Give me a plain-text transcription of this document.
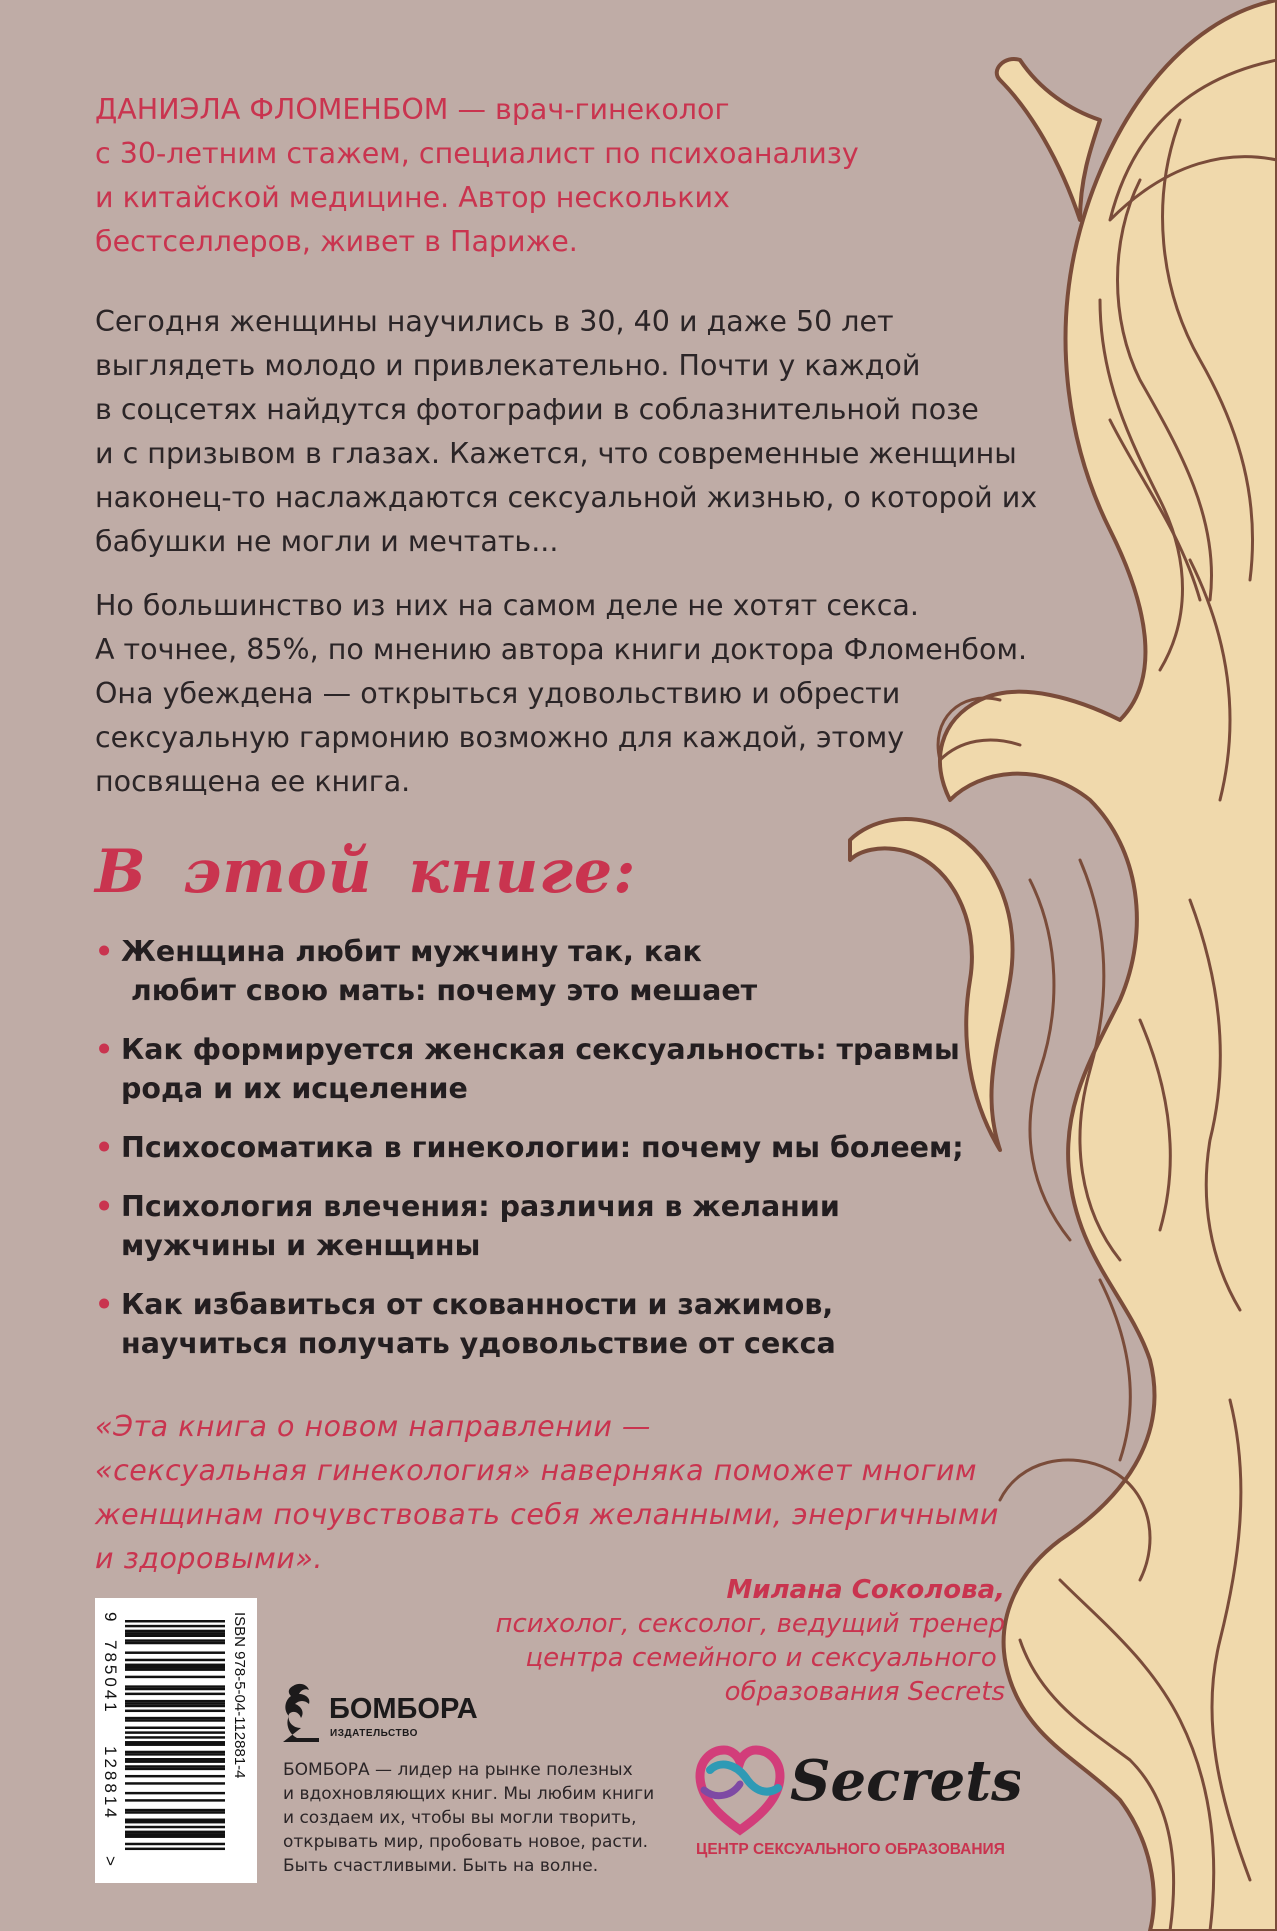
ДАНИЭЛА ФЛОМЕНБОМ — врач-гинеколог

с 30-летним стажем, специалист по психоанализу

и китайской медицине. Автор нескольких

бестселлеров, живет в Париже.

Сегодня женщины научились в 30, 40 и даже 50 лет

выглядеть молодо и привлекательно. Почти у каждой

в соцсетях найдутся фотографии в соблазнительной позе

и с призывом в глазах. Кажется, что современные женщины

наконец-то наслаждаются сексуальной жизнью, о которой их

бабушки не могли и мечтать...

Но большинство из них на самом деле не хотят секса.

А точнее, 85%, по мнению автора книги доктора Фломенбом.

Она убеждена — открыться удовольствию и обрести

сексуальную гармонию возможно для каждой, этому

посвящена ее книга.

В этой книге:
• Женщина любит мужчину так, как
любит свою мать: почему это мешает
• Как формируется женская сексуальность: травмы
рода и их исцеление
• Психосоматика в гинекологии: почему мы болеем;
• Психология влечения: различия в желании
мужчины и женщины
• Как избавиться от скованности и зажимов,
научиться получать удовольствие от секса

«Эта книга о новом направлении —

«сексуальная гинекология» наверняка поможет многим

женщинам почувствовать себя желанными, энергичными

и здоровыми».

Милана Соколова,

психолог, сексолог, ведущий тренер

центра семейного и сексуального

образования Secrets

ISBN 978-5-04-112881-4
9
785041
128814
>
БОМБОРА
ИЗДАТЕЛЬСТВО

БОМБОРА — лидер на рынке полезных

и вдохновляющих книг. Мы любим книги

и создаем их, чтобы вы могли творить,

открывать мир, пробовать новое, расти.

Быть счастливыми. Быть на волне.

Secrets
ЦЕНТР СЕКСУАЛЬНОГО ОБРАЗОВАНИЯ
